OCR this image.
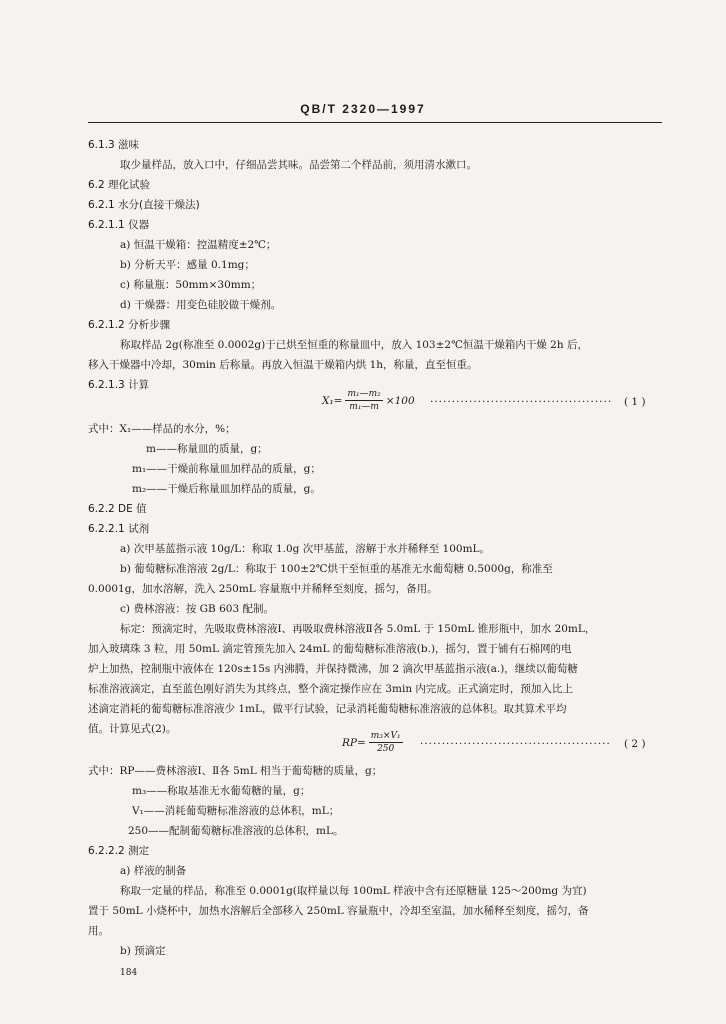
QB/T 2320—1997
6.1.3 滋味
取少量样品，放入口中，仔细品尝其味。品尝第二个样品前，须用清水漱口。
6.2 理化试验
6.2.1 水分(直接干燥法)
6.2.1.1 仪器
a) 恒温干燥箱：控温精度±2℃；
b) 分析天平：感量 0.1mg；
c) 称量瓶：50mm×30mm；
d) 干燥器：用变色硅胶做干燥剂。
6.2.1.2 分析步骤
称取样品 2g(称准至 0.0002g)于已烘至恒重的称量皿中，放入 103±2℃恒温干燥箱内干燥 2h 后，
移入干燥器中冷却，30min 后称量。再放入恒温干燥箱内烘 1h，称量，直至恒重。
6.2.1.3 计算
$X_1= \frac{\text{m₁—m₂}}{\text{m₁—m}} \times 100$ ·········································· ( 1 )
式中：X₁——样品的水分，%；
m——称量皿的质量，g；
m₁——干燥前称量皿加样品的质量，g；
m₂——干燥后称量皿加样品的质量，g。
6.2.2 DE 值
6.2.2.1 试剂
a) 次甲基蓝指示液 10g/L：称取 1.0g 次甲基蓝，溶解于水并稀释至 100mL。
b) 葡萄糖标准溶液 2g/L：称取于 100±2℃烘干至恒重的基准无水葡萄糖 0.5000g，称准至
0.0001g，加水溶解，洗入 250mL 容量瓶中并稀释至刻度，摇匀，备用。
c) 费林溶液：按 GB 603 配制。
标定：预滴定时，先吸取费林溶液Ⅰ、再吸取费林溶液Ⅱ各 5.0mL 于 150mL 锥形瓶中，加水 20mL，
加入玻璃珠 3 粒，用 50mL 滴定管预先加入 24mL 的葡萄糖标准溶液(b.)，摇匀，置于铺有石棉网的电
炉上加热，控制瓶中液体在 120s±15s 内沸腾，并保持微沸，加 2 滴次甲基蓝指示液(a.)，继续以葡萄糖
标准溶液滴定，直至蓝色刚好消失为其终点，整个滴定操作应在 3min 内完成。正式滴定时，预加入比上
述滴定消耗的葡萄糖标准溶液少 1mL，做平行试验，记录消耗葡萄糖标准溶液的总体积。取其算术平均
值。计算见式(2)。
$RP= \frac{\text{m₃×V₁}}{250}$ ············································ ( 2 )
式中：RP——费林溶液Ⅰ、Ⅱ各 5mL 相当于葡萄糖的质量，g；
m₃——称取基准无水葡萄糖的量，g；
V₁——消耗葡萄糖标准溶液的总体积，mL；
250——配制葡萄糖标准溶液的总体积，mL。
6.2.2.2 测定
a) 样液的制备
称取一定量的样品，称准至 0.0001g(取样量以每 100mL 样液中含有还原糖量 125～200mg 为宜)
置于 50mL 小烧杯中，加热水溶解后全部移入 250mL 容量瓶中，冷却至室温，加水稀释至刻度，摇匀，备
用。
b) 预滴定
184
